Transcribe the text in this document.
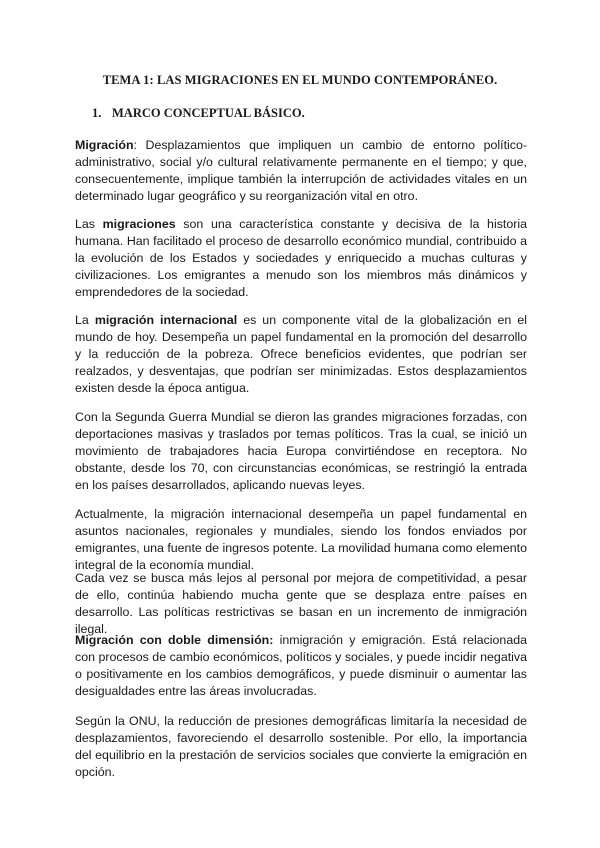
TEMA 1: LAS MIGRACIONES EN EL MUNDO CONTEMPORÁNEO.
1. MARCO CONCEPTUAL BÁSICO.

Migración: Desplazamientos que impliquen un cambio de entorno político-administrativo, social y/o cultural relativamente permanente en el tiempo; y que, consecuentemente, implique también la interrupción de actividades vitales en un determinado lugar geográfico y su reorganización vital en otro.

Las migraciones son una característica constante y decisiva de la historia humana. Han facilitado el proceso de desarrollo económico mundial, contribuido a la evolución de los Estados y sociedades y enriquecido a muchas culturas y civilizaciones. Los emigrantes a menudo son los miembros más dinámicos y emprendedores de la sociedad.

La migración internacional es un componente vital de la globalización en el mundo de hoy. Desempeña un papel fundamental en la promoción del desarrollo y la reducción de la pobreza. Ofrece beneficios evidentes, que podrían ser realzados, y desventajas, que podrían ser minimizadas. Estos desplazamientos existen desde la época antigua.

Con la Segunda Guerra Mundial se dieron las grandes migraciones forzadas, con deportaciones masivas y traslados por temas políticos. Tras la cual, se inició un movimiento de trabajadores hacia Europa convirtiéndose en receptora. No obstante, desde los 70, con circunstancias económicas, se restringió la entrada en los países desarrollados, aplicando nuevas leyes.

Actualmente, la migración internacional desempeña un papel fundamental en asuntos nacionales, regionales y mundiales, siendo los fondos enviados por emigrantes, una fuente de ingresos potente. La movilidad humana como elemento integral de la economía mundial.

Cada vez se busca más lejos al personal por mejora de competitividad, a pesar de ello, continúa habiendo mucha gente que se desplaza entre países en desarrollo. Las políticas restrictivas se basan en un incremento de inmigración ilegal.

Migración con doble dimensión: inmigración y emigración. Está relacionada con procesos de cambio económicos, políticos y sociales, y puede incidir negativa o positivamente en los cambios demográficos, y puede disminuir o aumentar las desigualdades entre las áreas involucradas.

Según la ONU, la reducción de presiones demográficas limitaría la necesidad de desplazamientos, favoreciendo el desarrollo sostenible. Por ello, la importancia del equilibrio en la prestación de servicios sociales que convierte la emigración en opción.
